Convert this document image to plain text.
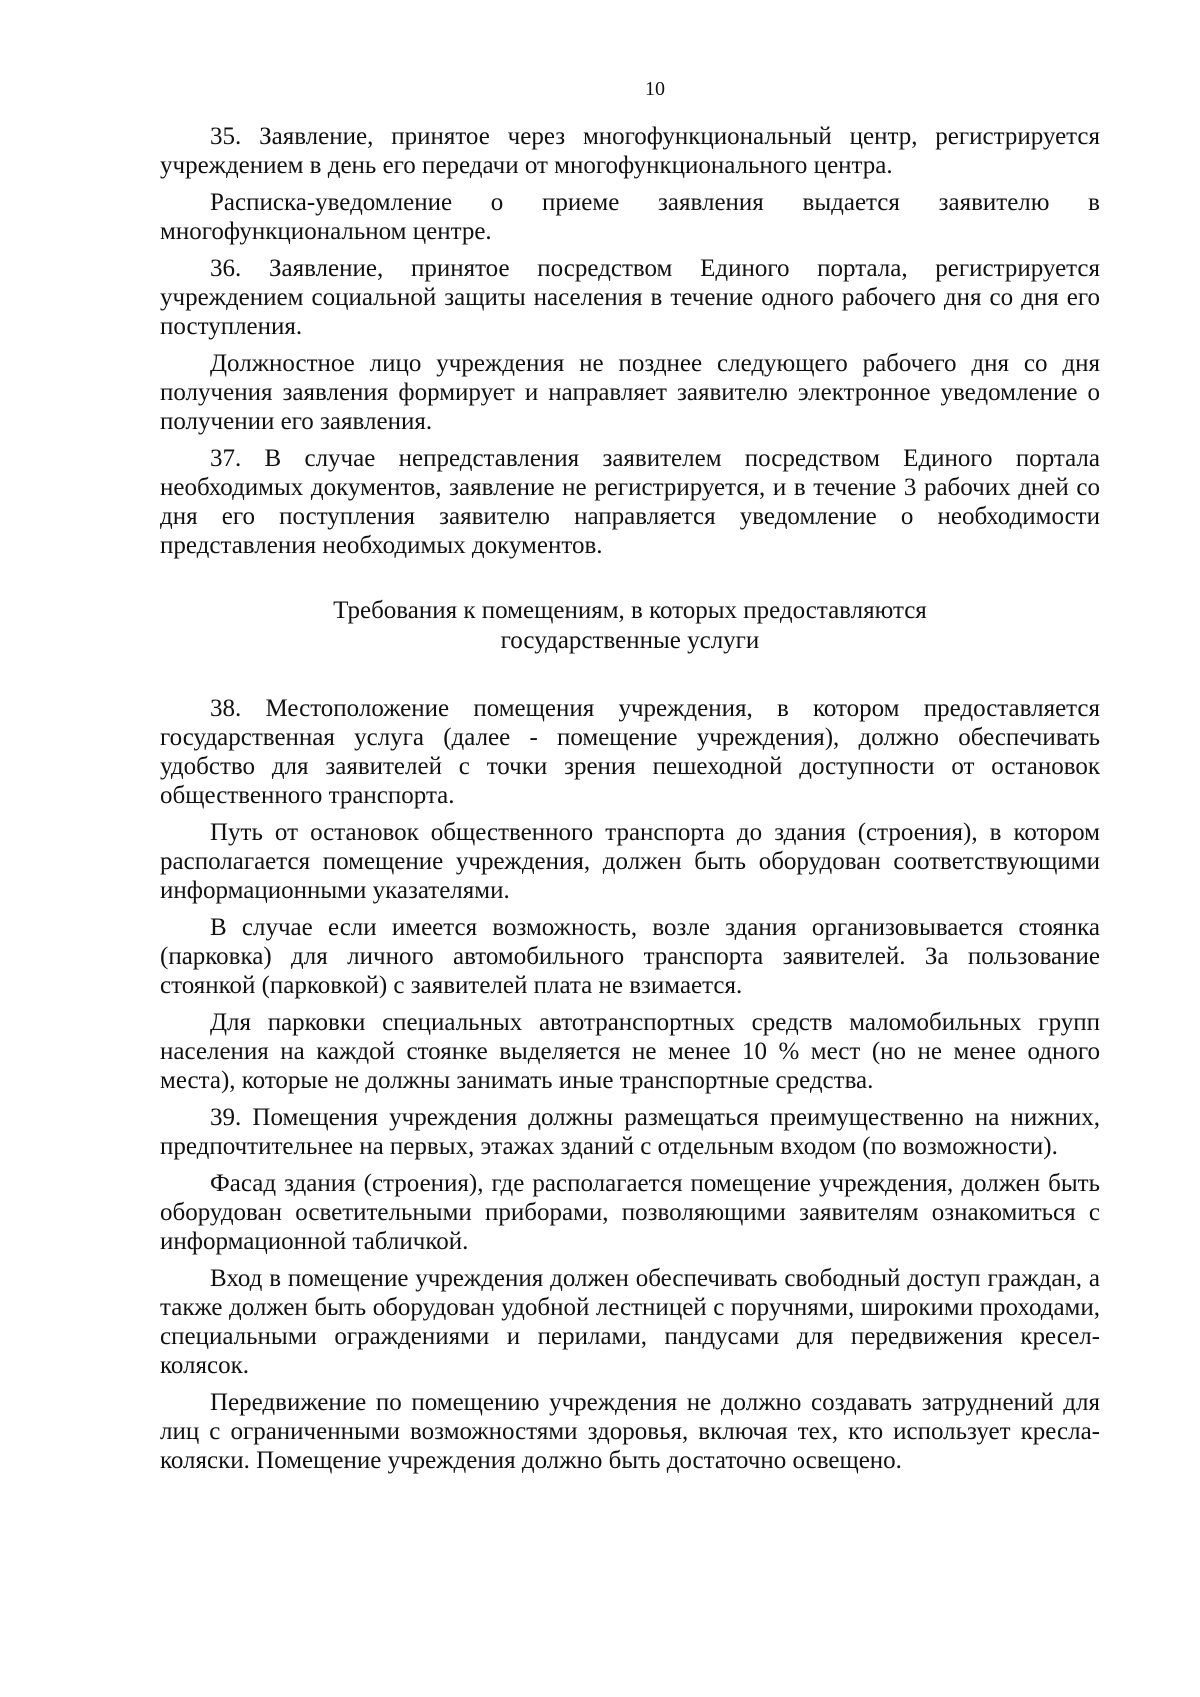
10

35. Заявление, принятое через многофункциональный центр, регистрируется учреждением в день его передачи от многофункционального центра.

Расписка-уведомление о приеме заявления выдается заявителю в многофункциональном центре.

36. Заявление, принятое посредством Единого портала, регистрируется учреждением социальной защиты населения в течение одного рабочего дня со дня его поступления.

Должностное лицо учреждения не позднее следующего рабочего дня со дня получения заявления формирует и направляет заявителю электронное уведомление о получении его заявления.

37. В случае непредставления заявителем посредством Единого портала необходимых документов, заявление не регистрируется, и в течение 3 рабочих дней со дня его поступления заявителю направляется уведомление о необходимости представления необходимых документов.

Требования к помещениям, в которых предоставляются
государственные услуги

38. Местоположение помещения учреждения, в котором предоставляется государственная услуга (далее - помещение учреждения), должно обеспечивать удобство для заявителей с точки зрения пешеходной доступности от остановок общественного транспорта.

Путь от остановок общественного транспорта до здания (строения), в котором располагается помещение учреждения, должен быть оборудован соответствующими информационными указателями.

В случае если имеется возможность, возле здания организовывается стоянка (парковка) для личного автомобильного транспорта заявителей. За пользование стоянкой (парковкой) с заявителей плата не взимается.

Для парковки специальных автотранспортных средств маломобильных групп населения на каждой стоянке выделяется не менее 10 % мест (но не менее одного места), которые не должны занимать иные транспортные средства.

39. Помещения учреждения должны размещаться преимущественно на нижних, предпочтительнее на первых, этажах зданий с отдельным входом (по возможности).

Фасад здания (строения), где располагается помещение учреждения, должен быть оборудован осветительными приборами, позволяющими заявителям ознакомиться с информационной табличкой.

Вход в помещение учреждения должен обеспечивать свободный доступ граждан, а также должен быть оборудован удобной лестницей с поручнями, широкими проходами, специальными ограждениями и перилами, пандусами для передвижения кресел-колясок.

Передвижение по помещению учреждения не должно создавать затруднений для лиц с ограниченными возможностями здоровья, включая тех, кто использует кресла-коляски. Помещение учреждения должно быть достаточно освещено.
